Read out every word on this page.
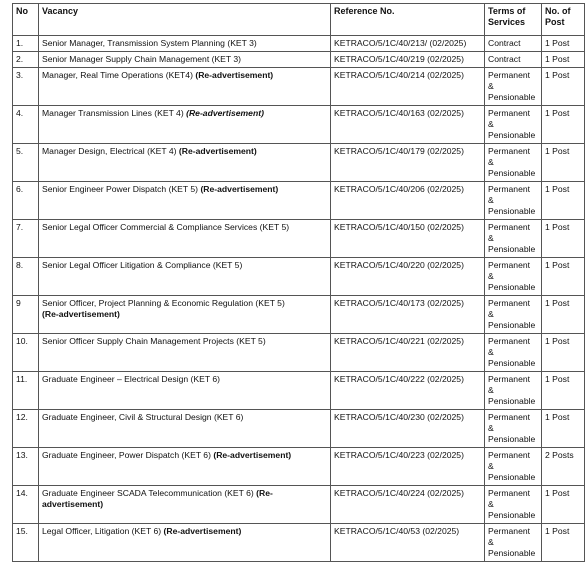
No	Vacancy	Reference No.	Terms of Services	No. of Post
1.	Senior Manager, Transmission System Planning (KET 3)	KETRACO/5/1C/40/213/ (02/2025)	Contract	1 Post
2.	Senior Manager Supply Chain Management (KET 3)	KETRACO/5/1C/40/219 (02/2025)	Contract	1 Post
3.	Manager, Real Time Operations (KET4) (Re-advertisement)	KETRACO/5/1C/40/214 (02/2025)	Permanent & Pensionable	1 Post
4.	Manager Transmission Lines (KET 4) (Re-advertisement)	KETRACO/5/1C/40/163 (02/2025)	Permanent & Pensionable	1 Post
5.	Manager Design, Electrical (KET 4) (Re-advertisement)	KETRACO/5/1C/40/179 (02/2025)	Permanent & Pensionable	1 Post
6.	Senior Engineer Power Dispatch (KET 5) (Re-advertisement)	KETRACO/5/1C/40/206 (02/2025)	Permanent & Pensionable	1 Post
7.	Senior Legal Officer Commercial & Compliance Services (KET 5)	KETRACO/5/1C/40/150 (02/2025)	Permanent & Pensionable	1 Post
8.	Senior Legal Officer Litigation & Compliance (KET 5)	KETRACO/5/1C/40/220 (02/2025)	Permanent & Pensionable	1 Post
9	Senior Officer, Project Planning & Economic Regulation (KET 5)
(Re-advertisement)	KETRACO/5/1C/40/173 (02/2025)	Permanent & Pensionable	1 Post
10.	Senior Officer Supply Chain Management Projects (KET 5)	KETRACO/5/1C/40/221 (02/2025)	Permanent & Pensionable	1 Post
11.	Graduate Engineer – Electrical Design (KET 6)	KETRACO/5/1C/40/222 (02/2025)	Permanent & Pensionable	1 Post
12.	Graduate Engineer, Civil & Structural Design (KET 6)	KETRACO/5/1C/40/230 (02/2025)	Permanent & Pensionable	1 Post
13.	Graduate Engineer, Power Dispatch (KET 6) (Re-advertisement)	KETRACO/5/1C/40/223 (02/2025)	Permanent & Pensionable	2 Posts
14.	Graduate Engineer SCADA Telecommunication (KET 6) (Re-advertisement)	KETRACO/5/1C/40/224 (02/2025)	Permanent & Pensionable	1 Post
15.	Legal Officer, Litigation (KET 6) (Re-advertisement)	KETRACO/5/1C/40/53 (02/2025)	Permanent & Pensionable	1 Post
